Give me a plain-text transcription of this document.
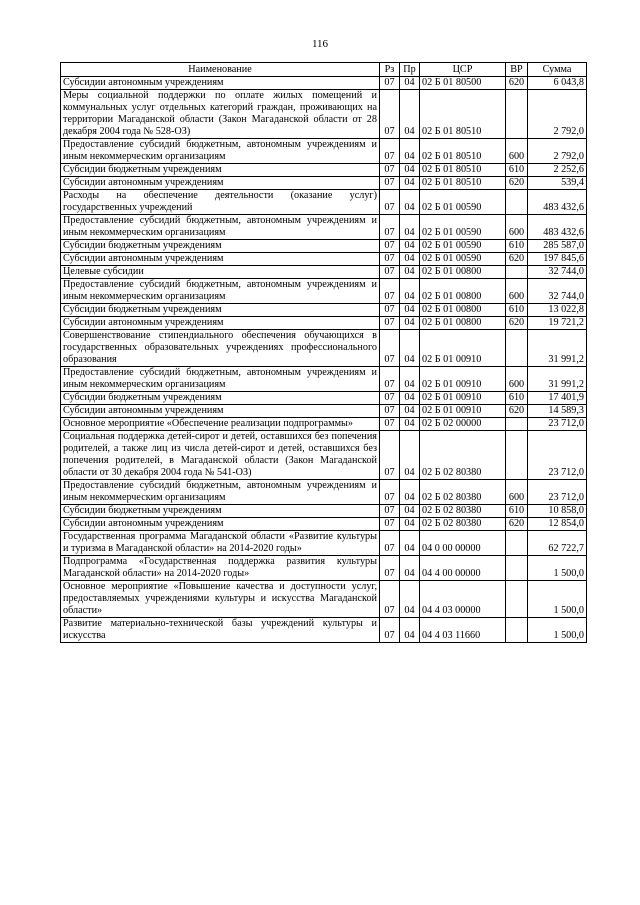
116
Наименование	Рз	Пр	ЦСР	ВР	Сумма
Субсидии автономным учреждениям	07	04	02 Б 01 80500	620	6 043,8
Меры социальной поддержки по оплате жилых помещений и коммунальных услуг отдельных категорий граждан, проживающих на территории Магаданской области (Закон Магаданской области от 28 декабря 2004 года № 528-ОЗ)	07	04	02 Б 01 80510		2 792,0
Предоставление субсидий бюджетным, автономным учреждениям и иным некоммерческим организациям	07	04	02 Б 01 80510	600	2 792,0
Субсидии бюджетным учреждениям	07	04	02 Б 01 80510	610	2 252,6
Субсидии автономным учреждениям	07	04	02 Б 01 80510	620	539,4
Расходы на обеспечение деятельности (оказание услуг) государственных учреждений	07	04	02 Б 01 00590		483 432,6
Предоставление субсидий бюджетным, автономным учреждениям и иным некоммерческим организациям	07	04	02 Б 01 00590	600	483 432,6
Субсидии бюджетным учреждениям	07	04	02 Б 01 00590	610	285 587,0
Субсидии автономным учреждениям	07	04	02 Б 01 00590	620	197 845,6
Целевые субсидии	07	04	02 Б 01 00800		32 744,0
Предоставление субсидий бюджетным, автономным учреждениям и иным некоммерческим организациям	07	04	02 Б 01 00800	600	32 744,0
Субсидии бюджетным учреждениям	07	04	02 Б 01 00800	610	13 022,8
Субсидии автономным учреждениям	07	04	02 Б 01 00800	620	19 721,2
Совершенствование стипендиального обеспечения обучающихся в государственных образовательных учреждениях профессионального образования	07	04	02 Б 01 00910		31 991,2
Предоставление субсидий бюджетным, автономным учреждениям и иным некоммерческим организациям	07	04	02 Б 01 00910	600	31 991,2
Субсидии бюджетным учреждениям	07	04	02 Б 01 00910	610	17 401,9
Субсидии автономным учреждениям	07	04	02 Б 01 00910	620	14 589,3
Основное мероприятие «Обеспечение реализации подпрограммы»	07	04	02 Б 02 00000		23 712,0
Социальная поддержка детей-сирот и детей, оставшихся без попечения родителей, а также лиц из числа детей-сирот и детей, оставшихся без попечения родителей, в Магаданской области (Закон Магаданской области от 30 декабря 2004 года № 541-ОЗ)	07	04	02 Б 02 80380		23 712,0
Предоставление субсидий бюджетным, автономным учреждениям и иным некоммерческим организациям	07	04	02 Б 02 80380	600	23 712,0
Субсидии бюджетным учреждениям	07	04	02 Б 02 80380	610	10 858,0
Субсидии автономным учреждениям	07	04	02 Б 02 80380	620	12 854,0
Государственная программа Магаданской области «Развитие культуры и туризма в Магаданской области» на 2014-2020 годы»	07	04	04 0 00 00000		62 722,7
Подпрограмма «Государственная поддержка развития культуры Магаданской области» на 2014-2020 годы»	07	04	04 4 00 00000		1 500,0
Основное мероприятие «Повышение качества и доступности услуг, предоставляемых учреждениями культуры и искусства Магаданской области»	07	04	04 4 03 00000		1 500,0
Развитие материально-технической базы учреждений культуры и искусства	07	04	04 4 03 11660		1 500,0
